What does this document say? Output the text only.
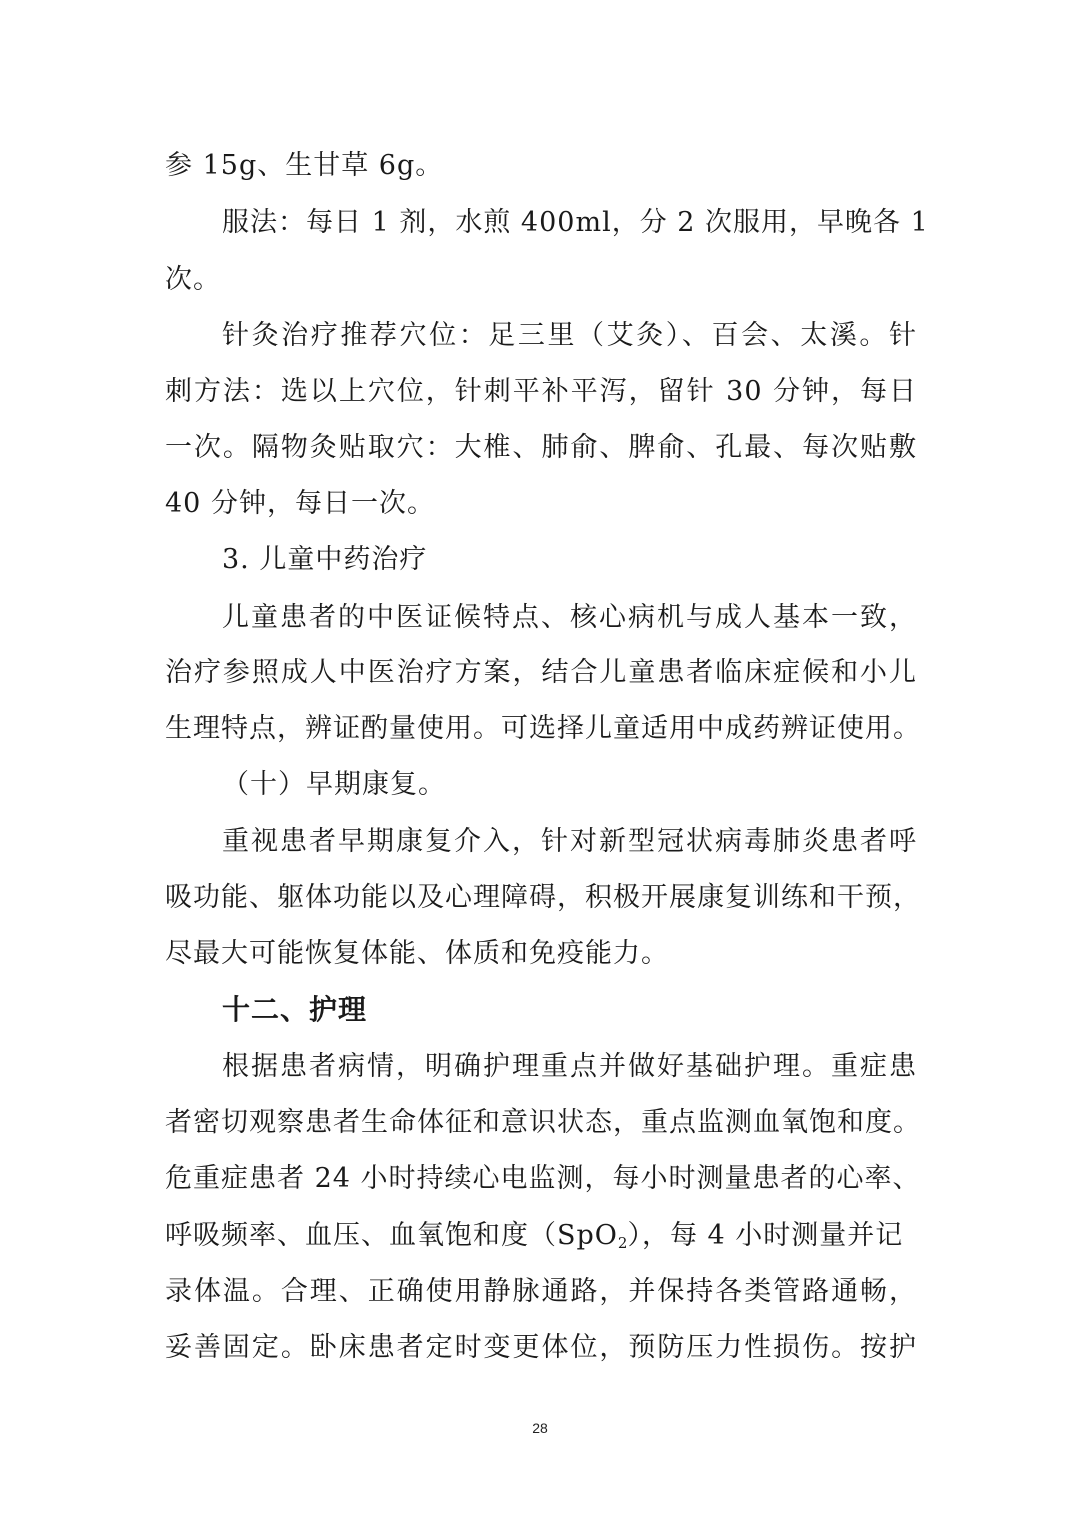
参 15g、生甘草 6g。
服法：每日 1 剂，水煎 400ml，分 2 次服用，早晚各 1
次。
针灸治疗推荐穴位：足三里（艾灸）、百会、太溪。针
刺方法：选以上穴位，针刺平补平泻，留针 30 分钟，每日
一次。隔物灸贴取穴：大椎、肺俞、脾俞、孔最、每次贴敷
40 分钟，每日一次。
3. 儿童中药治疗
儿童患者的中医证候特点、核心病机与成人基本一致，
治疗参照成人中医治疗方案，结合儿童患者临床症候和小儿
生理特点，辨证酌量使用。可选择儿童适用中成药辨证使用。
（十）早期康复。
重视患者早期康复介入，针对新型冠状病毒肺炎患者呼
吸功能、躯体功能以及心理障碍，积极开展康复训练和干预，
尽最大可能恢复体能、体质和免疫能力。
十二、护理
根据患者病情，明确护理重点并做好基础护理。重症患
者密切观察患者生命体征和意识状态，重点监测血氧饱和度。
危重症患者 24 小时持续心电监测，每小时测量患者的心率、
呼吸频率、血压、血氧饱和度（SpO$_2$），每 4 小时测量并记
录体温。合理、正确使用静脉通路，并保持各类管路通畅，
妥善固定。卧床患者定时变更体位，预防压力性损伤。按护
28
